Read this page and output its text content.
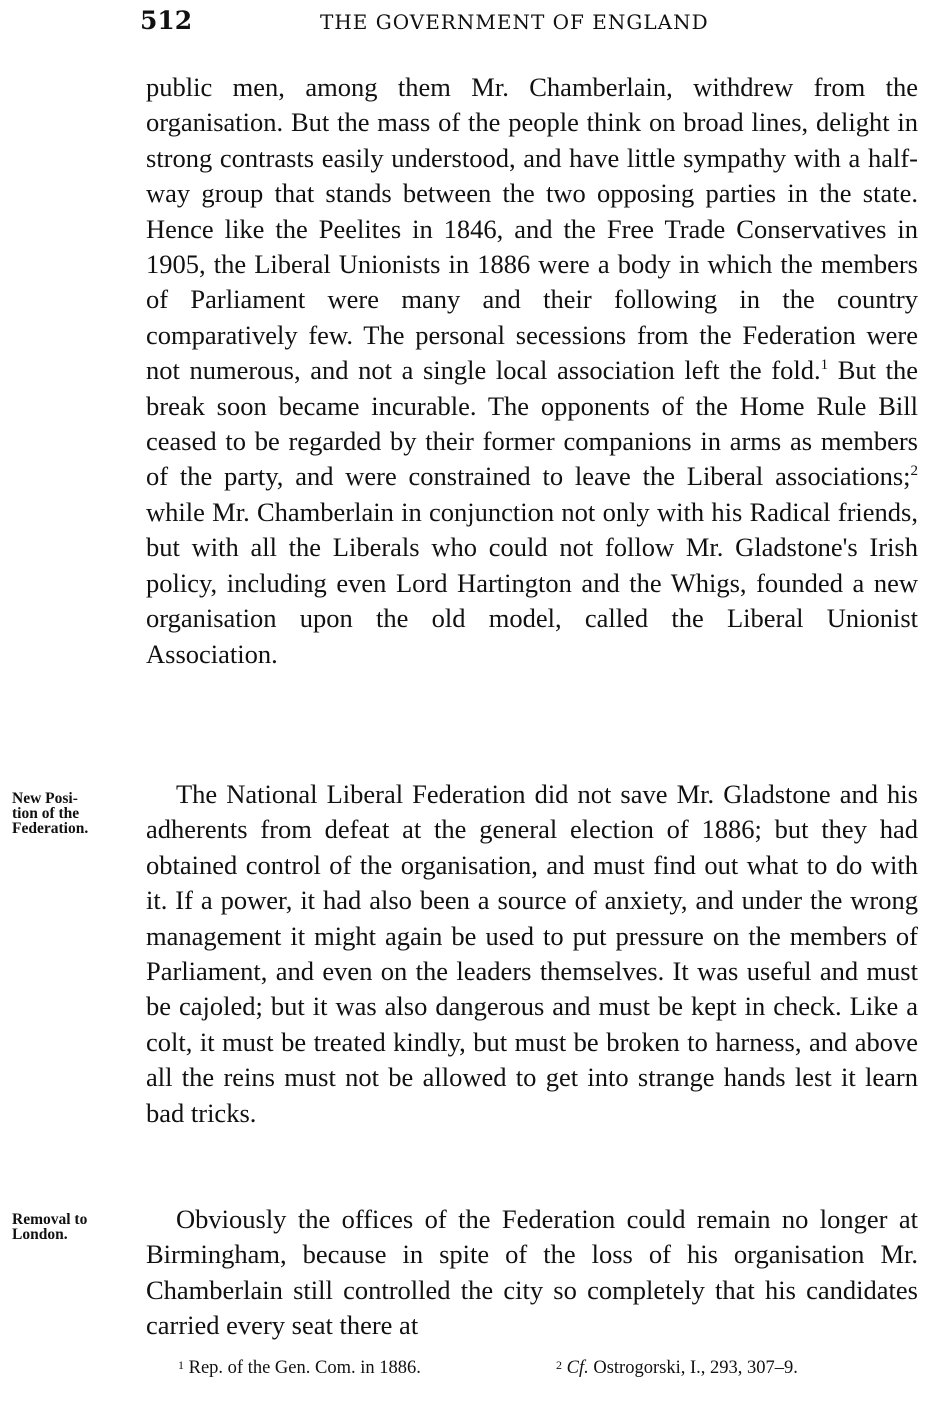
512	THE GOVERNMENT OF ENGLAND
public men, among them Mr. Chamberlain, withdrew from the organisation. But the mass of the people think on broad lines, delight in strong contrasts easily understood, and have little sympathy with a half-way group that stands between the two opposing parties in the state. Hence like the Peelites in 1846, and the Free Trade Conservatives in 1905, the Liberal Unionists in 1886 were a body in which the members of Parliament were many and their following in the country comparatively few. The personal secessions from the Federation were not numerous, and not a single local association left the fold.$^1$ But the break soon became incurable. The opponents of the Home Rule Bill ceased to be regarded by their former companions in arms as members of the party, and were constrained to leave the Liberal associations;$^2$ while Mr. Chamberlain in conjunction not only with his Radical friends, but with all the Liberals who could not follow Mr. Gladstone's Irish policy, including even Lord Hartington and the Whigs, founded a new organisation upon the old model, called the Liberal Unionist Association.
New Posi-
tion of the
Federation.
The National Liberal Federation did not save Mr. Gladstone and his adherents from defeat at the general election of 1886; but they had obtained control of the organisation, and must find out what to do with it. If a power, it had also been a source of anxiety, and under the wrong management it might again be used to put pressure on the members of Parliament, and even on the leaders themselves. It was useful and must be cajoled; but it was also dangerous and must be kept in check. Like a colt, it must be treated kindly, but must be broken to harness, and above all the reins must not be allowed to get into strange hands lest it learn bad tricks.
Removal to
London.
Obviously the offices of the Federation could remain no longer at Birmingham, because in spite of the loss of his organisation Mr. Chamberlain still controlled the city so completely that his candidates carried every seat there at
$^1$ Rep. of the Gen. Com. in 1886.	$^2$ Cf. Ostrogorski, I., 293, 307–9.
